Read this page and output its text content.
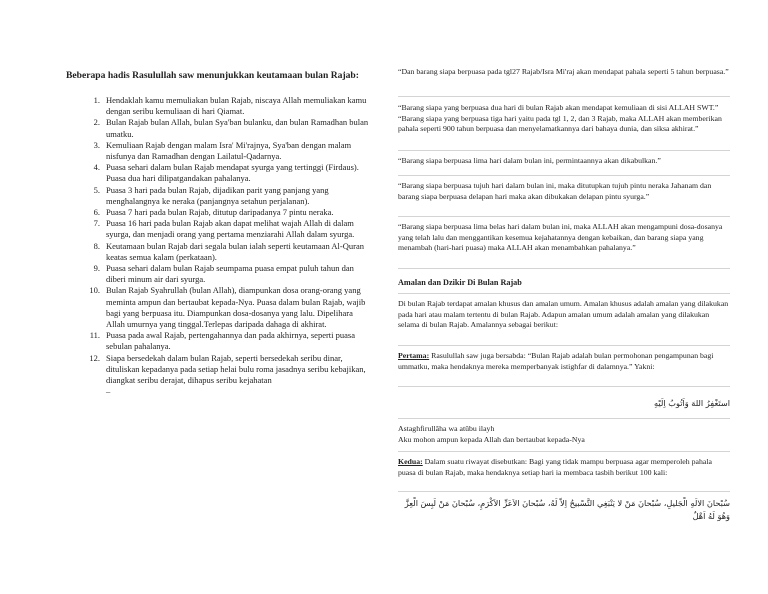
Beberapa hadis Rasulullah saw menunjukkan keutamaan bulan Rajab:
1. Hendaklah kamu memuliakan bulan Rajab, niscaya Allah memuliakan kamu dengan seribu kemuliaan di hari Qiamat.
2. Bulan Rajab bulan Allah, bulan Sya'ban bulanku, dan bulan Ramadhan bulan umatku.
3. Kemuliaan Rajab dengan malam Isra' Mi'rajnya, Sya'ban dengan malam nisfunya dan Ramadhan dengan Lailatul-Qadarnya.
4. Puasa sehari dalam bulan Rajab mendapat syurga yang tertinggi (Firdaus). Puasa dua hari dilipatgandakan pahalanya.
5. Puasa 3 hari pada bulan Rajab, dijadikan parit yang panjang yang menghalangnya ke neraka (panjangnya setahun perjalanan).
6. Puasa 7 hari pada bulan Rajab, ditutup daripadanya 7 pintu neraka.
7. Puasa 16 hari pada bulan Rajab akan dapat melihat wajah Allah di dalam syurga, dan menjadi orang yang pertama menziarahi Allah dalam syurga.
8. Keutamaan bulan Rajab dari segala bulan ialah seperti keutamaan Al-Quran keatas semua kalam (perkataan).
9. Puasa sehari dalam bulan Rajab seumpama puasa empat puluh tahun dan diberi minum air dari syurga.
10. Bulan Rajab Syahrullah (bulan Allah), diampunkan dosa orang-orang yang meminta ampun dan bertaubat kepada-Nya. Puasa dalam bulan Rajab, wajib bagi yang berpuasa itu. Diampunkan dosa-dosanya yang lalu. Dipelihara Allah umurnya yang tinggal.Terlepas daripada dahaga di akhirat.
11. Puasa pada awal Rajab, pertengahannya dan pada akhirnya, seperti puasa sebulan pahalanya.
12. Siapa bersedekah dalam bulan Rajab, seperti bersedekah seribu dinar, dituliskan kepadanya pada setiap helai bulu roma jasadnya seribu kebajikan, diangkat seribu derajat, dihapus seribu kejahatan
–
“Dan barang siapa berpuasa pada tgl27 Rajab/Isra Mi'raj akan mendapat pahala seperti 5 tahun berpuasa.”
“Barang siapa yang berpuasa dua hari di bulan Rajab akan mendapat kemuliaan di sisi ALLAH SWT.” “Barang siapa yang berpuasa tiga hari yaitu pada tgl 1, 2, dan 3 Rajab, maka ALLAH akan memberikan pahala seperti 900 tahun berpuasa dan menyelamatkannya dari bahaya dunia, dan siksa akhirat.”
“Barang siapa berpuasa lima hari dalam bulan ini, permintaannya akan dikabulkan.”
“Barang siapa berpuasa tujuh hari dalam bulan ini, maka ditutupkan tujuh pintu neraka Jahanam dan barang siapa berpuasa delapan hari maka akan dibukakan delapan pintu syurga.”
“Barang siapa berpuasa lima belas hari dalam bulan ini, maka ALLAH akan mengampuni dosa-dosanya yang telah lalu dan menggantikan kesemua kejahatannya dengan kebaikan, dan barang siapa yang menambah (hari-hari puasa) maka ALLAH akan menambahkan pahalanya.”
Amalan dan Dzikir Di Bulan Rajab
Di bulan Rajab terdapat amalan khusus dan amalan umum. Amalan khusus adalah amalan yang dilakukan pada hari atau malam tertentu di bulan Rajab. Adapun amalan umum adalah amalan yang dilakukan selama di bulan Rajab. Amalannya sebagai berikut:
Pertama: Rasulullah saw juga bersabda: “Bulan Rajab adalah bulan permohonan pengampunan bagi ummatku, maka hendaknya mereka memperbanyak istighfar di dalamnya.” Yakni:
استَغْفِرُ اللهَ وَاَتُوبُ اِلَيْهِ
Astaghfirullâha wa atûbu ilayh
Aku mohon ampun kepada Allah dan bertaubat kepada-Nya
Kedua: Dalam suatu riwayat disebutkan: Bagi yang tidak mampu berpuasa agar memperoleh pahala puasa di bulan Rajab, maka hendaknya setiap hari ia membaca tasbih berikut 100 kali:
سُبْحانَ الالَهِ الْجَليلِ، سُبْحانَ مَنْ لا يَنْبَغِي التَّسْبيحُ اِلاّ لَهُ، سُبْحانَ الاَعَزِّ الاَكْرَمِ، سُبْحانَ مَنْ لَبِسَ الْعِزَّ وَهُوَ لَهُ اَهْلٌ
